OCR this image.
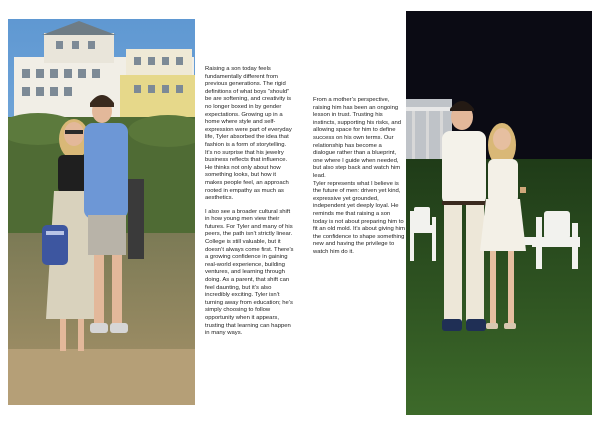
Raising a son today feels fundamentally different from previous generations. The rigid definitions of what boys “should” be are softening, and creativity is no longer boxed in by gender expectations. Growing up in a home where style and self-expression were part of everyday life, Tyler absorbed the idea that fashion is a form of storytelling. It’s no surprise that his jewelry business reflects that influence. He thinks not only about how something looks, but how it makes people feel, an approach rooted in empathy as much as aesthetics.

I also see a broader cultural shift in how young men view their futures. For Tyler and many of his peers, the path isn’t strictly linear. College is still valuable, but it doesn’t always come first. There’s a growing confidence in gaining real-world experience, building ventures, and learning through doing. As a parent, that shift can feel daunting, but it’s also incredibly exciting. Tyler isn’t turning away from education; he’s simply choosing to follow opportunity when it appears, trusting that learning can happen in many ways.

From a mother’s perspective, raising him has been an ongoing lesson in trust. Trusting his instincts, supporting his risks, and allowing space for him to define success on his own terms. Our relationship has become a dialogue rather than a blueprint, one where I guide when needed, but also step back and watch him lead.

Tyler represents what I believe is the future of men: driven yet kind, expressive yet grounded, independent yet deeply loyal. He reminds me that raising a son today is not about preparing him to fit an old mold. It’s about giving him the confidence to shape something new and having the privilege to watch him do it.
